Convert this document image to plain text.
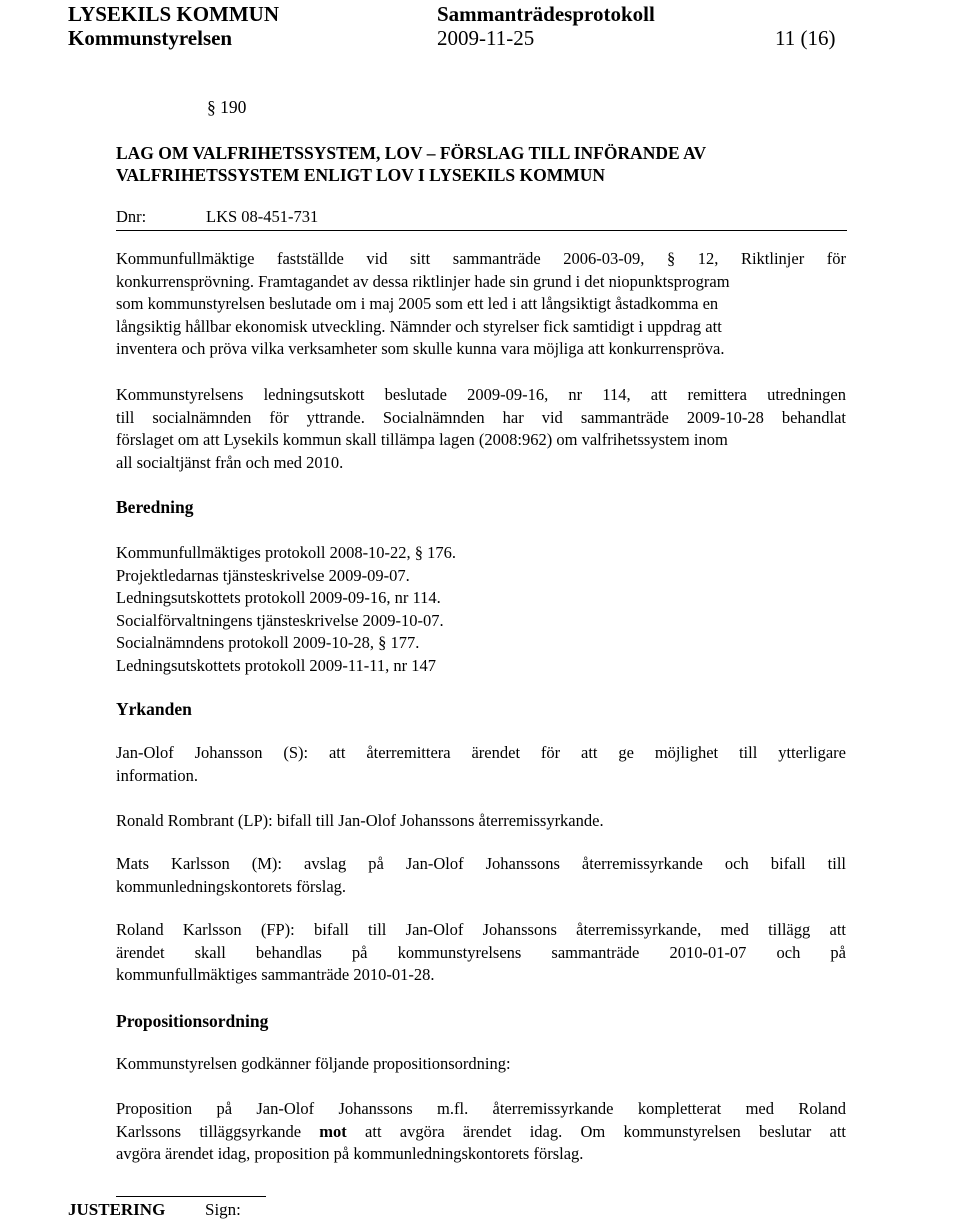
LYSEKILS KOMMUN	Sammanträdesprotokoll
Kommunstyrelsen	2009-11-25	11 (16)
§ 190
LAG OM VALFRIHETSSYSTEM, LOV – FÖRSLAG TILL INFÖRANDE AV
VALFRIHETSSYSTEM ENLIGT LOV I LYSEKILS KOMMUN
Dnr:	LKS 08-451-731
Kommunfullmäktige fastställde vid sitt sammanträde 2006-03-09, § 12, Riktlinjer för
konkurrensprövning. Framtagandet av dessa riktlinjer hade sin grund i det niopunktsprogram
som kommunstyrelsen beslutade om i maj 2005 som ett led i att långsiktigt åstadkomma en
långsiktig hållbar ekonomisk utveckling. Nämnder och styrelser fick samtidigt i uppdrag att
inventera och pröva vilka verksamheter som skulle kunna vara möjliga att konkurrenspröva.
Kommunstyrelsens ledningsutskott beslutade 2009-09-16, nr 114, att remittera utredningen
till socialnämnden för yttrande. Socialnämnden har vid sammanträde 2009-10-28 behandlat
förslaget om att Lysekils kommun skall tillämpa lagen (2008:962) om valfrihetssystem inom
all socialtjänst från och med 2010.
Beredning
Kommunfullmäktiges protokoll 2008-10-22, § 176.
Projektledarnas tjänsteskrivelse 2009-09-07.
Ledningsutskottets protokoll 2009-09-16, nr 114.
Socialförvaltningens tjänsteskrivelse 2009-10-07.
Socialnämndens protokoll 2009-10-28, § 177.
Ledningsutskottets protokoll 2009-11-11, nr 147
Yrkanden
Jan-Olof Johansson (S): att återremittera ärendet för att ge möjlighet till ytterligare
information.
Ronald Rombrant (LP): bifall till Jan-Olof Johanssons återremissyrkande.
Mats Karlsson (M): avslag på Jan-Olof Johanssons återremissyrkande och bifall till
kommunledningskontorets förslag.
Roland Karlsson (FP): bifall till Jan-Olof Johanssons återremissyrkande, med tillägg att
ärendet skall behandlas på kommunstyrelsens sammanträde 2010-01-07 och på
kommunfullmäktiges sammanträde 2010-01-28.
Propositionsordning
Kommunstyrelsen godkänner följande propositionsordning:
Proposition på Jan-Olof Johanssons m.fl. återremissyrkande kompletterat med Roland
Karlssons tilläggsyrkande mot att avgöra ärendet idag. Om kommunstyrelsen beslutar att
avgöra ärendet idag, proposition på kommunledningskontorets förslag.
JUSTERING Sign:
